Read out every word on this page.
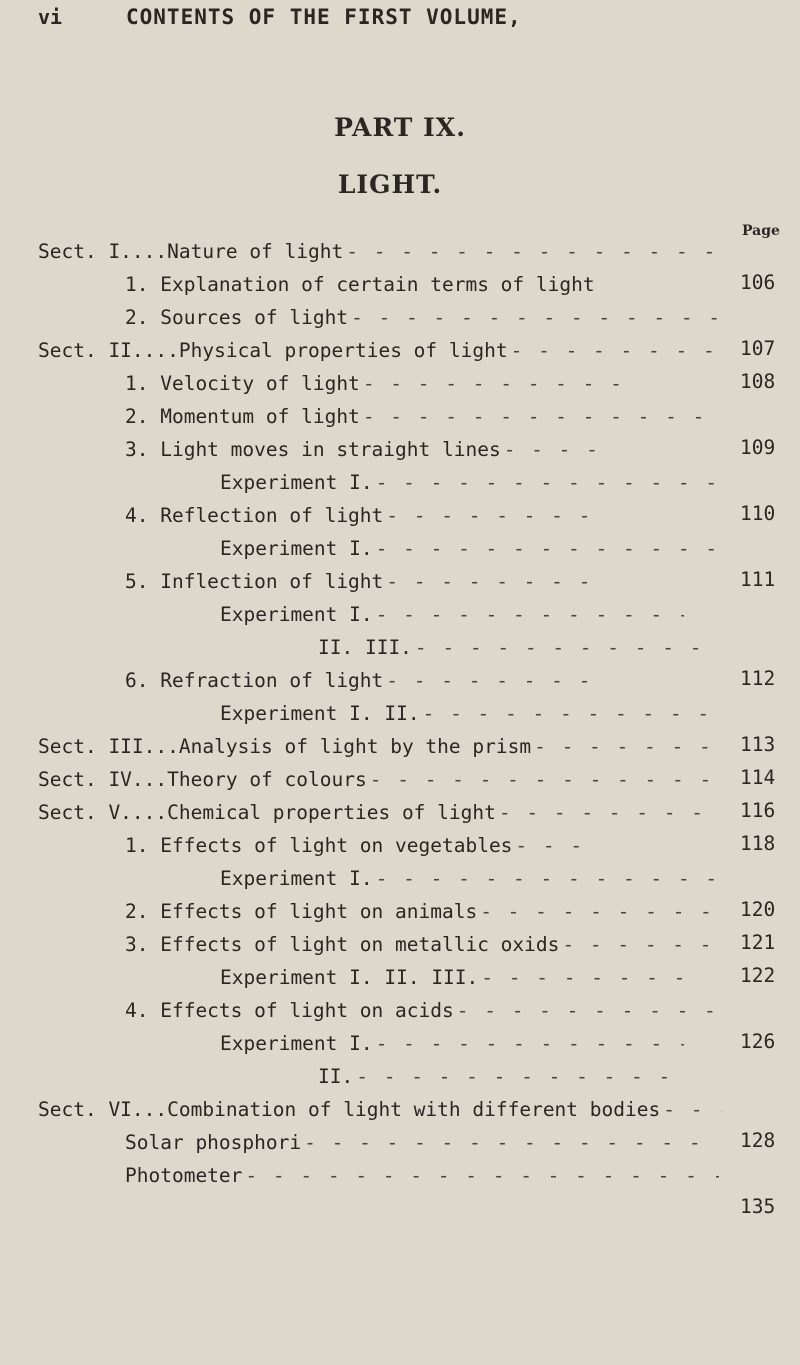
vi	CONTENTS OF THE FIRST VOLUME,
PART IX.
LIGHT.
Page
Sect. I....Nature of light
- - -
1. Explanation of certain terms of light
- - -
2. Sources of light
- - -
Sect. II....Physical properties of light
- - -
1. Velocity of light
- - -
2. Momentum of light
- - -
3. Light moves in straight lines
- - -
Experiment I.
- - -
4. Reflection of light
- - -
Experiment I.
- - -
5. Inflection of light
- - -
Experiment I.
- - -
II. III.
- - -
6. Refraction of light
- - -
Experiment I. II.
- - -
Sect. III...Analysis of light by the prism
- - -
Sect. IV...Theory of colours
- - -
Sect. V....Chemical properties of light
- - -
1. Effects of light on vegetables
- - -
Experiment I.
- - -
2. Effects of light on animals
- - -
3. Effects of light on metallic oxids
- - -
Experiment I. II. III.
- - -
4. Effects of light on acids
- - -
Experiment I.
- - -
II.
- - -
Sect. VI...Combination of light with different bodies
- - -
Solar phosphori
- - -
Photometer
- - -
106
107
108
109
110
111
112
113
114
116
118
120
121
122
126
128
135
